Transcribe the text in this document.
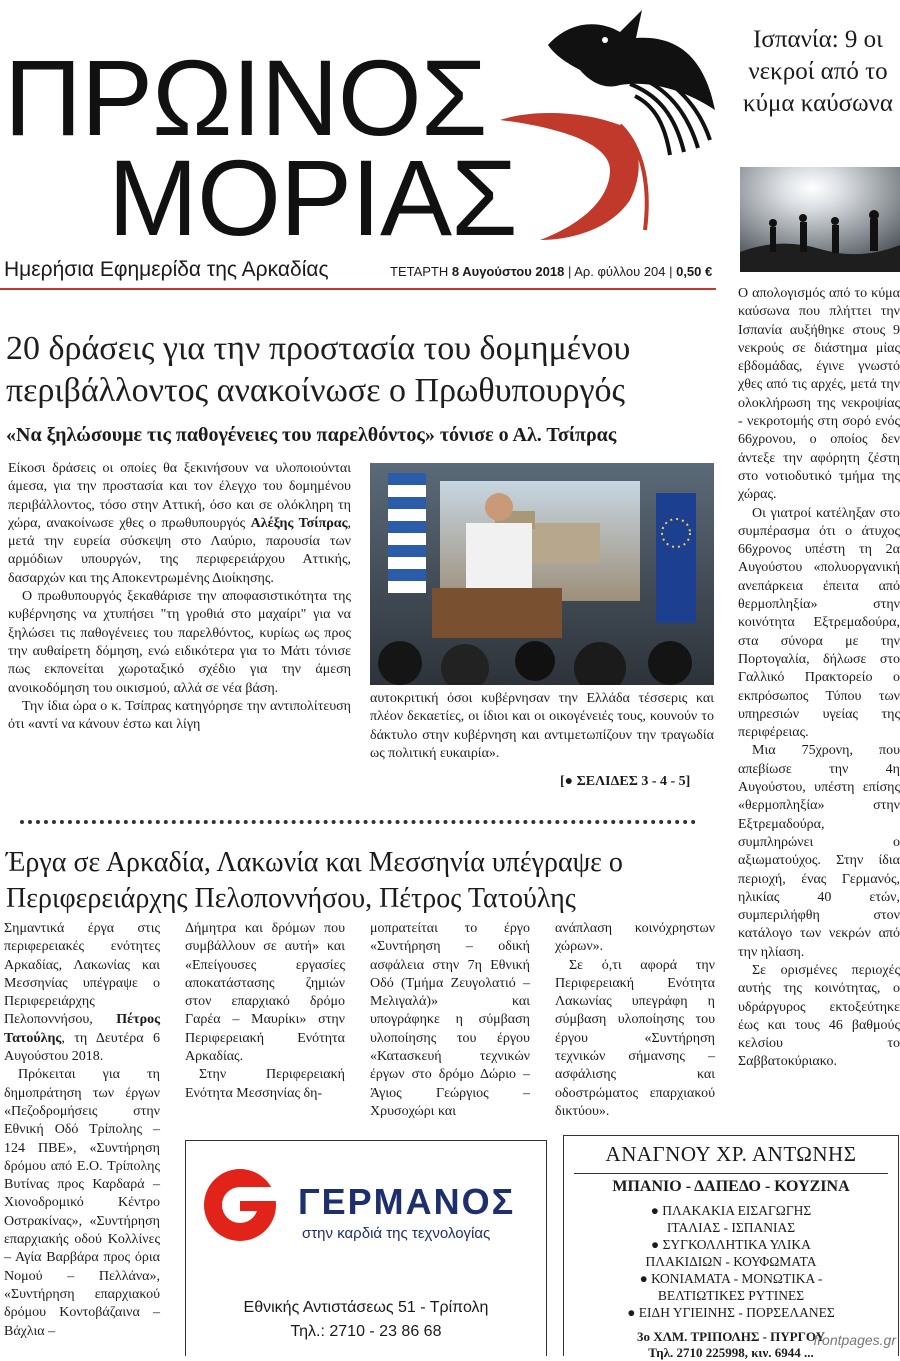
ΠΡΩΙΝΟΣ
ΜΟΡΙΑΣ
Ημερήσια Εφημερίδα της Αρκαδίας	ΤΕΤΑΡΤΗ 8 Αυγούστου 2018 | Αρ. φύλλου 204 | 0,50 €
20 δράσεις για την προστασία του δομημένου περιβάλλοντος ανακοίνωσε ο Πρωθυπουργός
«Να ξηλώσουμε τις παθογένειες του παρελθόντος» τόνισε ο Αλ. Τσίπρας

Είκοσι δράσεις οι οποίες θα ξεκινήσουν να υλοποιούνται άμεσα, για την προστασία και τον έλεγχο του δομημένου περιβάλλοντος, τόσο στην Αττική, όσο και σε ολόκληρη τη χώρα, ανακοίνωσε χθες ο πρωθυπουργός Αλέξης Τσίπρας, μετά την ευρεία σύσκεψη στο Λαύριο, παρουσία των αρμόδιων υπουργών, της περιφερειάρχου Αττικής, δασαρχών και της Αποκεντρωμένης Διοίκησης.

Ο πρωθυπουργός ξεκαθάρισε την αποφασιστικότητα της κυβέρνησης να χτυπήσει "τη γροθιά στο μαχαίρι" για να ξηλώσει τις παθογένειες του παρελθόντος, κυρίως ως προς την αυθαίρετη δόμηση, ενώ ειδικότερα για το Μάτι τόνισε πως εκπονείται χωροταξικό σχέδιο για την άμεση ανοικοδόμηση του οικισμού, αλλά σε νέα βάση.

Την ίδια ώρα ο κ. Τσίπρας κατηγόρησε την αντιπολίτευση ότι «αντί να κάνουν έστω και λίγη

αυτοκριτική όσοι κυβέρνησαν την Ελλάδα τέσσερις και πλέον δεκαετίες, οι ίδιοι και οι οικογένειές τους, κουνούν το δάκτυλο στην κυβέρνηση και αντιμετωπίζουν την τραγωδία ως πολιτική ευκαιρία».

[● ΣΕΛΙΔΕΣ 3 - 4 - 5]
Έργα σε Αρκαδία, Λακωνία και Μεσσηνία υπέγραψε ο Περιφερειάρχης Πελοποννήσου, Πέτρος Τατούλης

Σημαντικά έργα στις περιφερειακές ενότητες Αρκαδίας, Λακωνίας και Μεσσηνίας υπέγραψε ο Περιφερειάρχης Πελοποννήσου, Πέτρος Τατούλης, τη Δευτέρα 6 Αυγούστου 2018.

Πρόκειται για τη δημοπράτηση των έργων «Πεζοδρομήσεις στην Εθνική Οδό Τρίπολης – 124 ΠΒΕ», «Συντήρηση δρόμου από Ε.Ο. Τρίπολης Βυτίνας προς Καρδαρά – Χιονοδρομικό Κέντρο Οστρακίνας», «Συντήρηση επαρχιακής οδού Κολλίνες – Αγία Βαρβάρα προς όρια Νομού – Πελλάνα», «Συντήρηση επαρχιακού δρόμου Κοντοβάζαινα – Βάχλια –

Δήμητρα και δρόμων που συμβάλλουν σε αυτή» και «Επείγουσες εργασίες αποκατάστασης ζημιών στον επαρχιακό δρόμο Γαρέα – Μαυρίκι» στην Περιφερειακή Ενότητα Αρκαδίας.

Στην Περιφερειακή Ενότητα Μεσσηνίας δη-

μοπρατείται το έργο «Συντήρηση – οδική ασφάλεια στην 7η Εθνική Οδό (Τμήμα Ζευγολατιό – Μελιγαλά)» και υπογράφηκε η σύμβαση υλοποίησης του έργου «Κατασκευή τεχνικών έργων στο δρόμο Δώριο – Άγιος Γεώργιος – Χρυσοχώρι και

ανάπλαση κοινόχρηστων χώρων».

Σε ό,τι αφορά την Περιφερειακή Ενότητα Λακωνίας υπεγράφη η σύμβαση υλοποίησης του έργου «Συντήρηση τεχνικών σήμανσης – ασφάλισης και οδοστρώματος επαρχιακού δικτύου».

Ισπανία: 9 οι νεκροί από το κύμα καύσωνα

Ο απολογισμός από το κύμα καύσωνα που πλήττει την Ισπανία αυξήθηκε στους 9 νεκρούς σε διάστημα μίας εβδομάδας, έγινε γνωστό χθες από τις αρχές, μετά την ολοκλήρωση της νεκροψίας - νεκροτομής στη σορό ενός 66χρονου, ο οποίος δεν άντεξε την αφόρητη ζέστη στο νοτιοδυτικό τμήμα της χώρας.

Οι γιατροί κατέληξαν στο συμπέρασμα ότι ο άτυχος 66χρονος υπέστη τη 2α Αυγούστου «πολυοργανική ανεπάρκεια έπειτα από θερμοπληξία» στην κοινότητα Εξτρεμαδούρα, στα σύνορα με την Πορτογαλία, δήλωσε στο Γαλλικό Πρακτορείο ο εκπρόσωπος Τύπου των υπηρεσιών υγείας της περιφέρειας.

Μια 75χρονη, που απεβίωσε την 4η Αυγούστου, υπέστη επίσης «θερμοπληξία» στην Εξτρεμαδούρα, συμπληρώνει ο αξιωματούχος. Στην ίδια περιοχή, ένας Γερμανός, ηλικίας 40 ετών, συμπεριλήφθη στον κατάλογο των νεκρών από την ηλίαση.

Σε ορισμένες περιοχές αυτής της κοινότητας, ο υδράργυρος εκτοξεύτηκε έως και τους 46 βαθμούς κελσίου το Σαββατοκύριακο.

ΓΕΡΜΑΝΟΣ
στην καρδιά της τεχνολογίας
Εθνικής Αντιστάσεως 51 - Τρίπολη
Τηλ.: 2710 - 23 86 68
ΑΝΑΓΝΟΥ ΧΡ. ΑΝΤΩΝΗΣ
ΜΠΑΝΙΟ - ΔΑΠΕΔΟ - ΚΟΥΖΙΝΑ
● ΠΛΑΚΑΚΙΑ ΕΙΣΑΓΩΓΗΣ
ΙΤΑΛΙΑΣ - ΙΣΠΑΝΙΑΣ
● ΣΥΓΚΟΛΛΗΤΙΚΑ ΥΛΙΚΑ
ΠΛΑΚΙΔΙΩΝ - ΚΟΥΦΩΜΑΤΑ
● ΚΟΝΙΑΜΑΤΑ - ΜΟΝΩΤΙΚΑ -
ΒΕΛΤΙΩΤΙΚΕΣ ΡΥΤΙΝΕΣ
● ΕΙΔΗ ΥΓΙΕΙΝΗΣ - ΠΟΡΣΕΛΑΝΕΣ
3ο ΧΛΜ. ΤΡΙΠΟΛΗΣ - ΠΥΡΓΟΥ
Τηλ. 2710 225998, κιν. 6944 ...
frontpages.gr
